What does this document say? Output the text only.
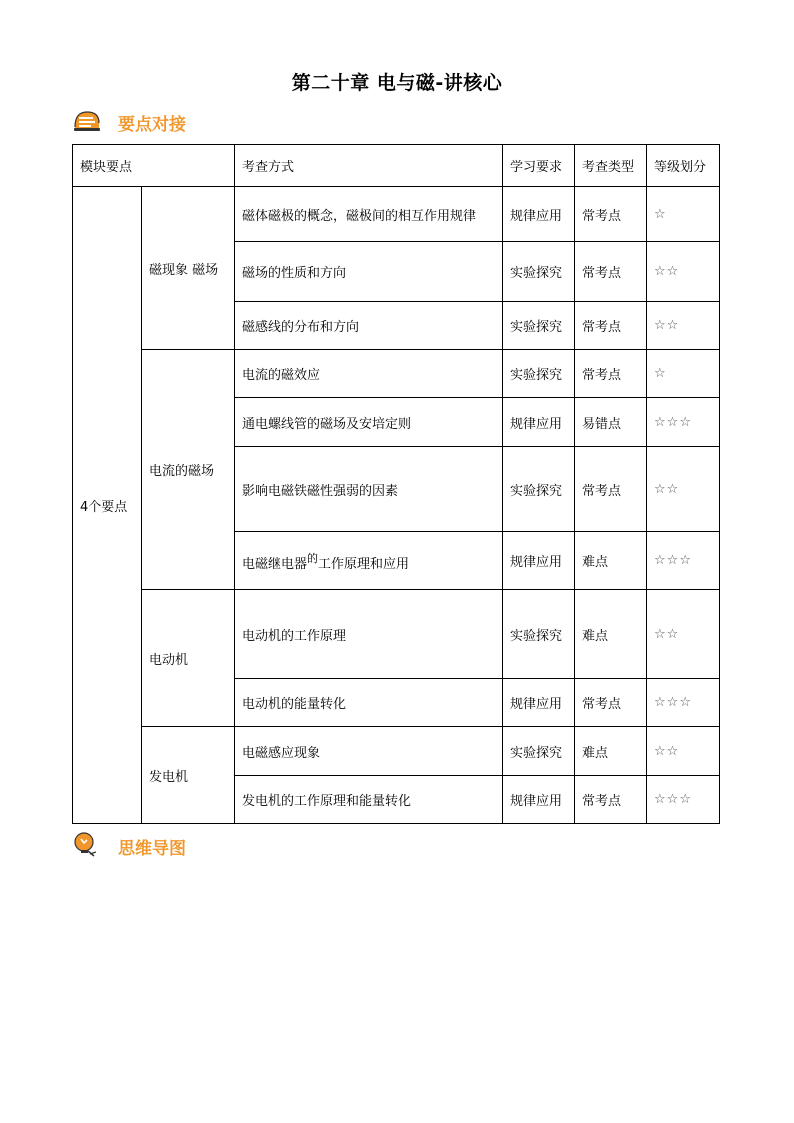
第二十章 电与磁-讲核心
要点对接
模块要点		考查方式	学习要求	考查类型	等级划分
4个要点	磁现象 磁场	磁体磁极的概念，磁极间的相互作用规律	规律应用	常考点	☆
		磁场的性质和方向	实验探究	常考点	☆☆
		磁感线的分布和方向	实验探究	常考点	☆☆
	电流的磁场	电流的磁效应	实验探究	常考点	☆
		通电螺线管的磁场及安培定则	规律应用	易错点	☆☆☆
		影响电磁铁磁性强弱的因素	实验探究	常考点	☆☆
		电磁继电器$^的$工作原理和应用	规律应用	难点	☆☆☆
	电动机	电动机的工作原理	实验探究	难点	☆☆
		电动机的能量转化	规律应用	常考点	☆☆☆
	发电机	电磁感应现象	实验探究	难点	☆☆
		发电机的工作原理和能量转化	规律应用	常考点	☆☆☆
思维导图
